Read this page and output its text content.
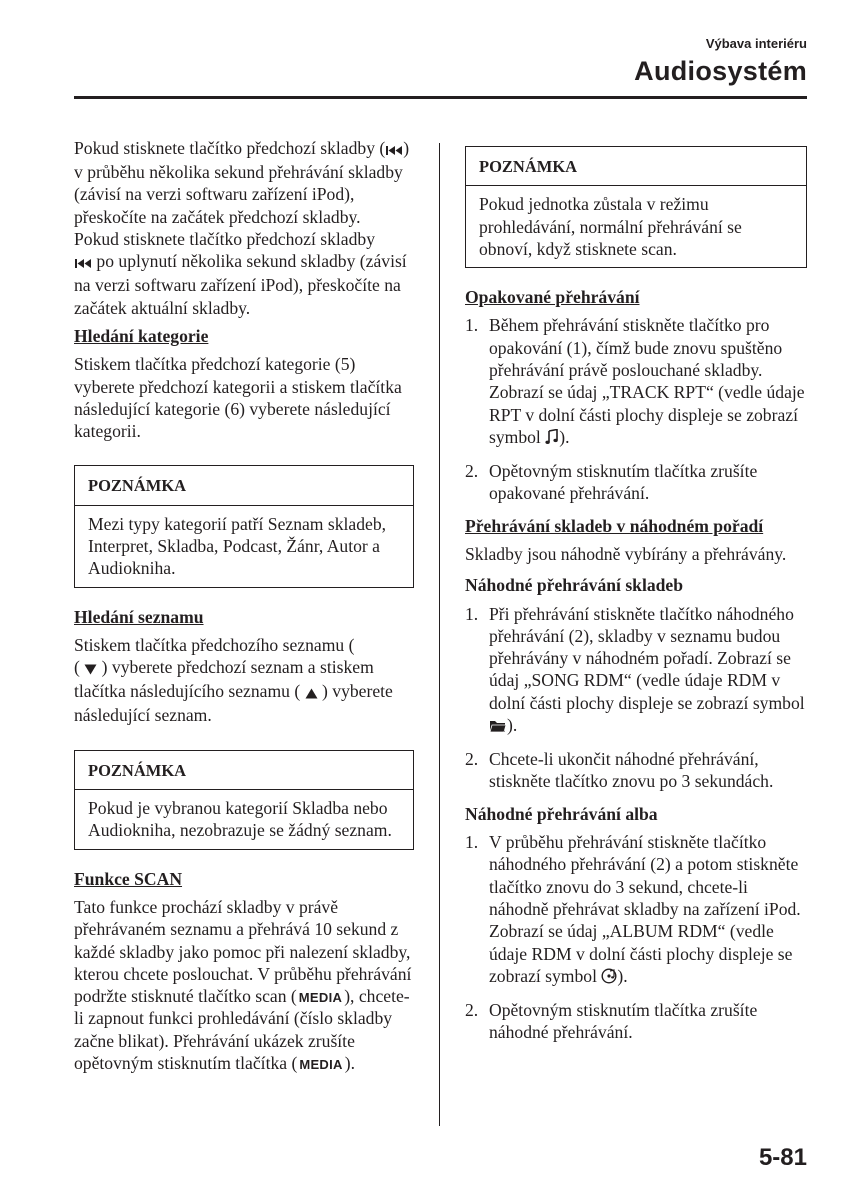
Výbava interiéru
Audiosystém

Pokud stisknete tlačítko předchozí skladby ( ) v průběhu několika sekund přehrávání skladby (závisí na verzi softwaru zařízení iPod), přeskočíte na začátek předchozí skladby.

Pokud stisknete tlačítko předchozí skladby
po uplynutí několika sekund skladby (závisí na verzi softwaru zařízení iPod), přeskočíte na začátek aktuální skladby.

Hledání kategorie

Stiskem tlačítka předchozí kategorie (5) vyberete předchozí kategorii a stiskem tlačítka následující kategorie (6) vyberete následující kategorii.

POZNÁMKA
Mezi typy kategorií patří Seznam skladeb, Interpret, Skladba, Podcast, Žánr, Autor a Audiokniha.

Hledání seznamu

Stiskem tlačítka předchozího seznamu (
(  ) vyberete předchozí seznam a stiskem tlačítka následujícího seznamu ( ) vyberete následující seznam.

POZNÁMKA
Pokud je vybranou kategorií Skladba nebo Audiokniha, nezobrazuje se žádný seznam.

Funkce SCAN

Tato funkce prochází skladby v právě přehrávaném seznamu a přehrává 10 sekund z každé skladby jako pomoc při nalezení skladby, kterou chcete poslouchat. V průběhu přehrávání podržte stisknuté tlačítko scan ( MEDIA ), chcete-li zapnout funkci prohledávání (číslo skladby začne blikat). Přehrávání ukázek zrušíte opětovným stisknutím tlačítka ( MEDIA ).

POZNÁMKA
Pokud jednotka zůstala v režimu prohledávání, normální přehrávání se obnoví, když stisknete scan.

Opakované přehrávání

1. Během přehrávání stiskněte tlačítko pro opakování (1), čímž bude znovu spuštěno přehrávání právě poslouchané skladby. Zobrazí se údaj „TRACK RPT“ (vedle údaje RPT v dolní části plochy displeje se zobrazí symbol ).
2. Opětovným stisknutím tlačítka zrušíte opakované přehrávání.

Přehrávání skladeb v náhodném pořadí

Skladby jsou náhodně vybírány a přehrávány.

Náhodné přehrávání skladeb

1. Při přehrávání stiskněte tlačítko náhodného přehrávání (2), skladby v seznamu budou přehrávány v náhodném pořadí. Zobrazí se údaj „SONG RDM“ (vedle údaje RDM v dolní části plochy displeje se zobrazí symbol ).
2. Chcete-li ukončit náhodné přehrávání, stiskněte tlačítko znovu po 3 sekundách.

Náhodné přehrávání alba

1. V průběhu přehrávání stiskněte tlačítko náhodného přehrávání (2) a potom stiskněte tlačítko znovu do 3 sekund, chcete-li náhodně přehrávat skladby na zařízení iPod. Zobrazí se údaj „ALBUM RDM“ (vedle údaje RDM v dolní části plochy displeje se zobrazí symbol ).
2. Opětovným stisknutím tlačítka zrušíte náhodné přehrávání.
5-81
